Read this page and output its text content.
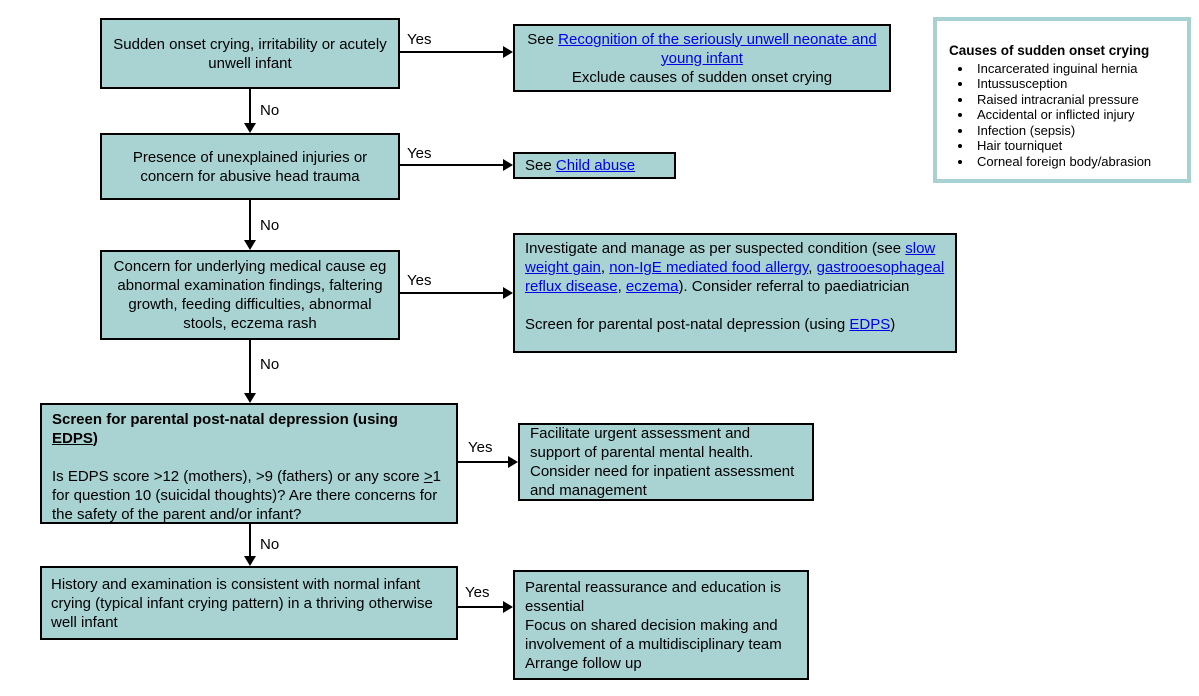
Sudden onset crying, irritability or acutely unwell infant
Presence of unexplained injuries or concern for abusive head trauma
Concern for underlying medical cause eg abnormal examination findings, faltering growth, feeding difficulties, abnormal stools, eczema rash
Screen for parental post-natal depression (using EDPS)

Is EDPS score >12 (mothers), >9 (fathers) or any score >1 for question 10 (suicidal thoughts)? Are there concerns for the safety of the parent and/or infant?
History and examination is consistent with normal infant crying (typical infant crying pattern) in a thriving otherwise well infant
See Recognition of the seriously unwell neonate and young infant
Exclude causes of sudden onset crying
See Child abuse
Investigate and manage as per suspected condition (see slow weight gain, non-IgE mediated food allergy, gastrooesophageal reflux disease, eczema). Consider referral to paediatrician

Screen for parental post-natal depression (using EDPS)
Facilitate urgent assessment and support of parental mental health. Consider need for inpatient assessment and management
Parental reassurance and education is essential
Focus on shared decision making and involvement of a multidisciplinary team
Arrange follow up
Causes of sudden onset crying
• Incarcerated inguinal hernia
• Intussusception
• Raised intracranial pressure
• Accidental or inflicted injury
• Infection (sepsis)
• Hair tourniquet
• Corneal foreign body/abrasion
Yes
Yes
Yes
Yes
Yes
No
No
No
No
